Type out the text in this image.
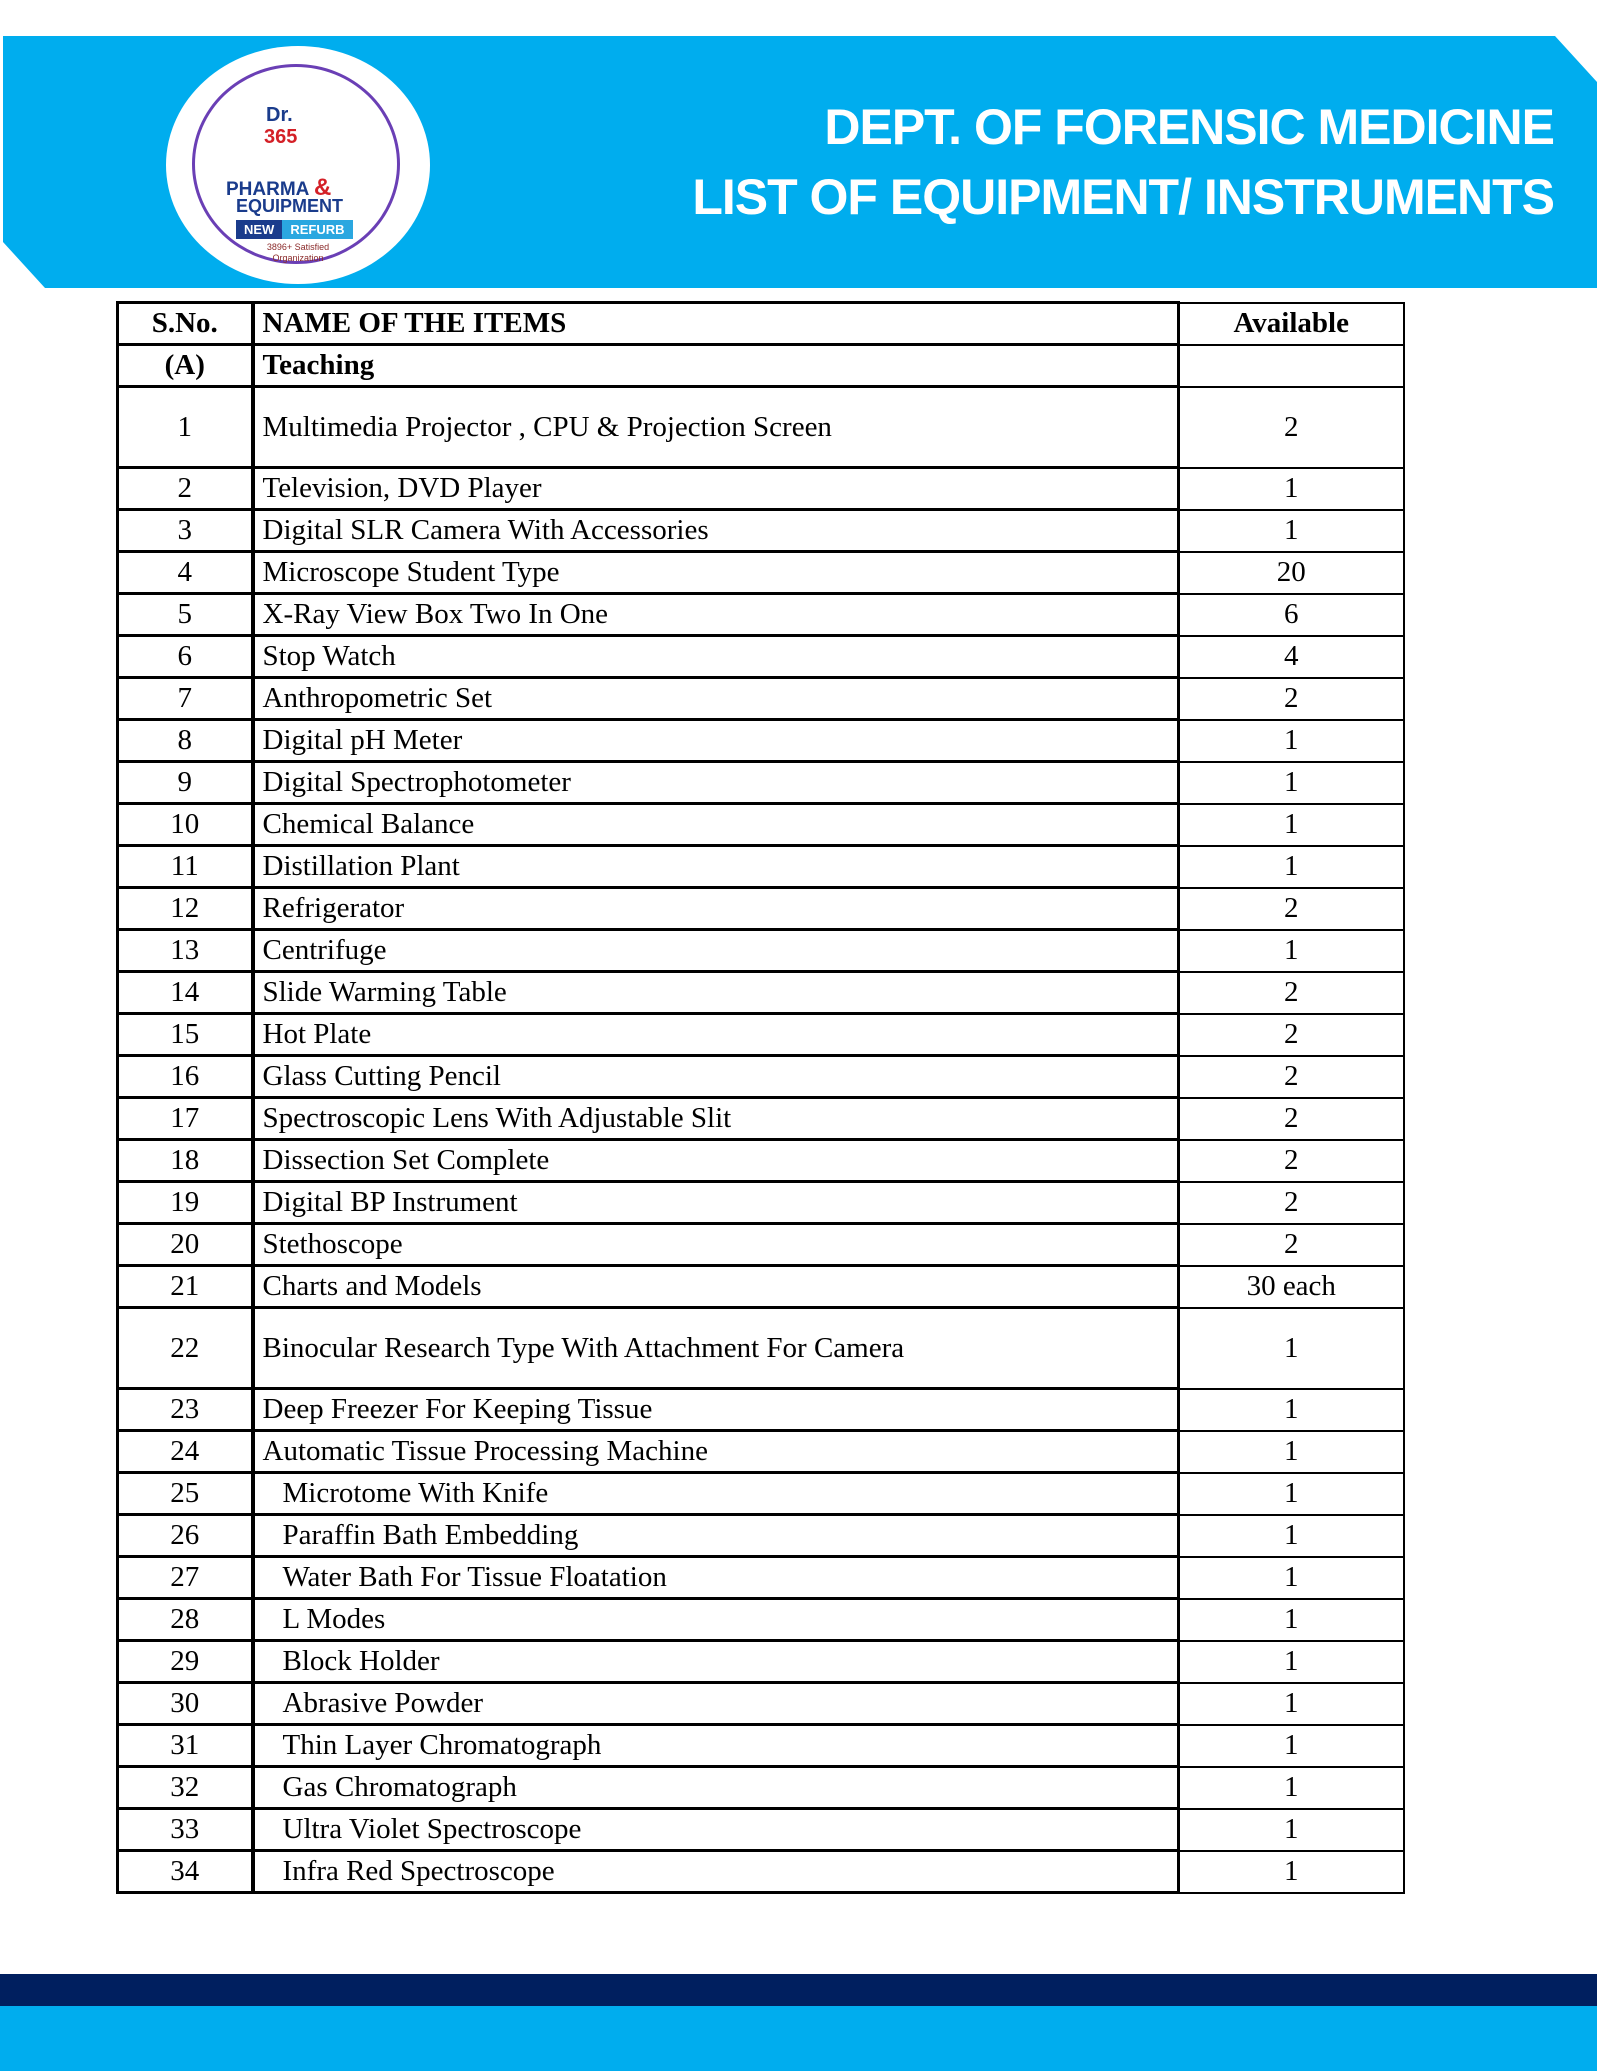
Dr.
365
PHARMA &
EQUIPMENT
NEW	REFURB
3896+ Satisfied Organization
DEPT. OF FORENSIC MEDICINE
LIST OF EQUIPMENT/ INSTRUMENTS
S.No.	NAME OF THE ITEMS	Available
(A)	Teaching	
1	Multimedia Projector , CPU & Projection Screen	2
2	Television, DVD Player	1
3	Digital SLR Camera With Accessories	1
4	Microscope Student Type	20
5	X-Ray View Box Two In One	6
6	Stop Watch	4
7	Anthropometric Set	2
8	Digital pH Meter	1
9	Digital Spectrophotometer	1
10	Chemical Balance	1
11	Distillation Plant	1
12	Refrigerator	2
13	Centrifuge	1
14	Slide Warming Table	2
15	Hot Plate	2
16	Glass Cutting Pencil	2
17	Spectroscopic Lens With Adjustable Slit	2
18	Dissection Set Complete	2
19	Digital BP Instrument	2
20	Stethoscope	2
21	Charts and Models	30 each
22	Binocular Research Type With Attachment For Camera	1
23	Deep Freezer For Keeping Tissue	1
24	Automatic Tissue Processing Machine	1
25	Microtome With Knife	1
26	Paraffin Bath Embedding	1
27	Water Bath For Tissue Floatation	1
28	L Modes	1
29	Block Holder	1
30	Abrasive Powder	1
31	Thin Layer Chromatograph	1
32	Gas Chromatograph	1
33	Ultra Violet Spectroscope	1
34	Infra Red Spectroscope	1
